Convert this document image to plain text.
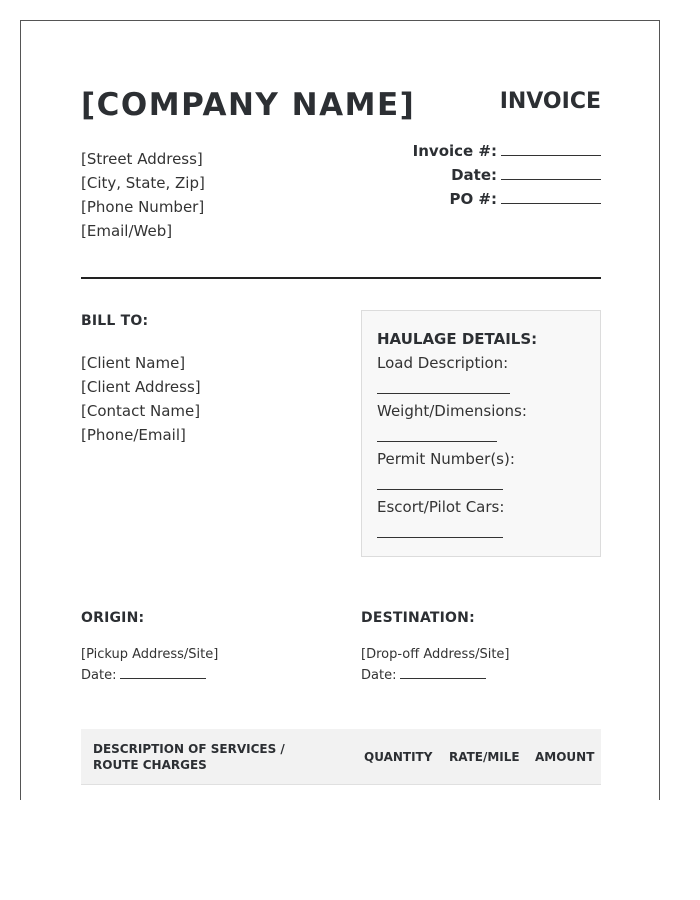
[COMPANY NAME]	INVOICE
[Street Address]
[City, State, Zip]
[Phone Number]
[Email/Web]
Invoice #:
Date:
PO #:
BILL TO:
[Client Name]
[Client Address]
[Contact Name]
[Phone/Email]
HAULAGE DETAILS:
Load Description:
Weight/Dimensions:
Permit Number(s):
Escort/Pilot Cars:
ORIGIN:	DESTINATION:
[Pickup Address/Site]
Date:
[Drop-off Address/Site]
Date:
DESCRIPTION OF SERVICES / ROUTE CHARGES
QUANTITY RATE/MILE AMOUNT
